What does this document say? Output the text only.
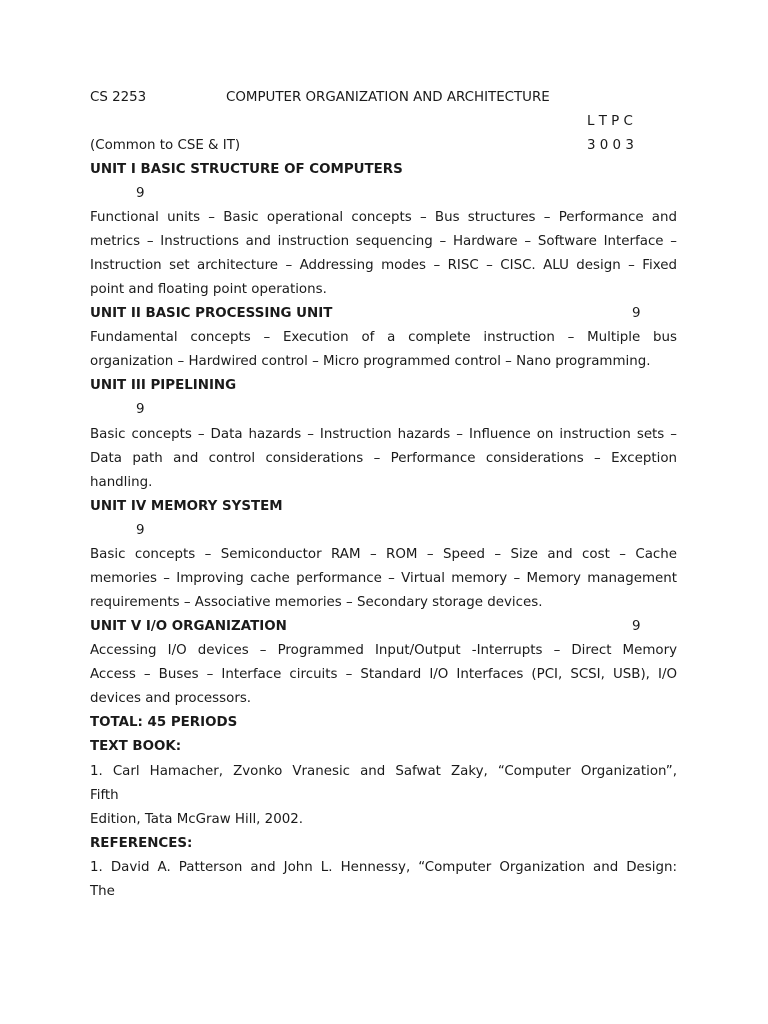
CS 2253	COMPUTER ORGANIZATION AND ARCHITECTURE
L T P C
(Common to CSE & IT)	3 0 0 3
UNIT I BASIC STRUCTURE OF COMPUTERS
9
Functional units – Basic operational concepts – Bus structures – Performance and
metrics – Instructions and instruction sequencing – Hardware – Software Interface –
Instruction set architecture – Addressing modes – RISC – CISC. ALU design – Fixed
point and floating point operations.
UNIT II BASIC PROCESSING UNIT	9
Fundamental concepts – Execution of a complete instruction – Multiple bus
organization – Hardwired control – Micro programmed control – Nano programming.
UNIT III PIPELINING
9
Basic concepts – Data hazards – Instruction hazards – Influence on instruction sets –
Data path and control considerations – Performance considerations – Exception
handling.
UNIT IV MEMORY SYSTEM
9
Basic concepts – Semiconductor RAM – ROM – Speed – Size and cost – Cache
memories – Improving cache performance – Virtual memory – Memory management
requirements – Associative memories – Secondary storage devices.
UNIT V I/O ORGANIZATION	9
Accessing I/O devices – Programmed Input/Output -Interrupts – Direct Memory
Access – Buses – Interface circuits – Standard I/O Interfaces (PCI, SCSI, USB), I/O
devices and processors.
TOTAL: 45 PERIODS
TEXT BOOK:
1. Carl Hamacher, Zvonko Vranesic and Safwat Zaky, “Computer Organization”,
Fifth
Edition, Tata McGraw Hill, 2002.
REFERENCES:
1. David A. Patterson and John L. Hennessy, “Computer Organization and Design:
The
